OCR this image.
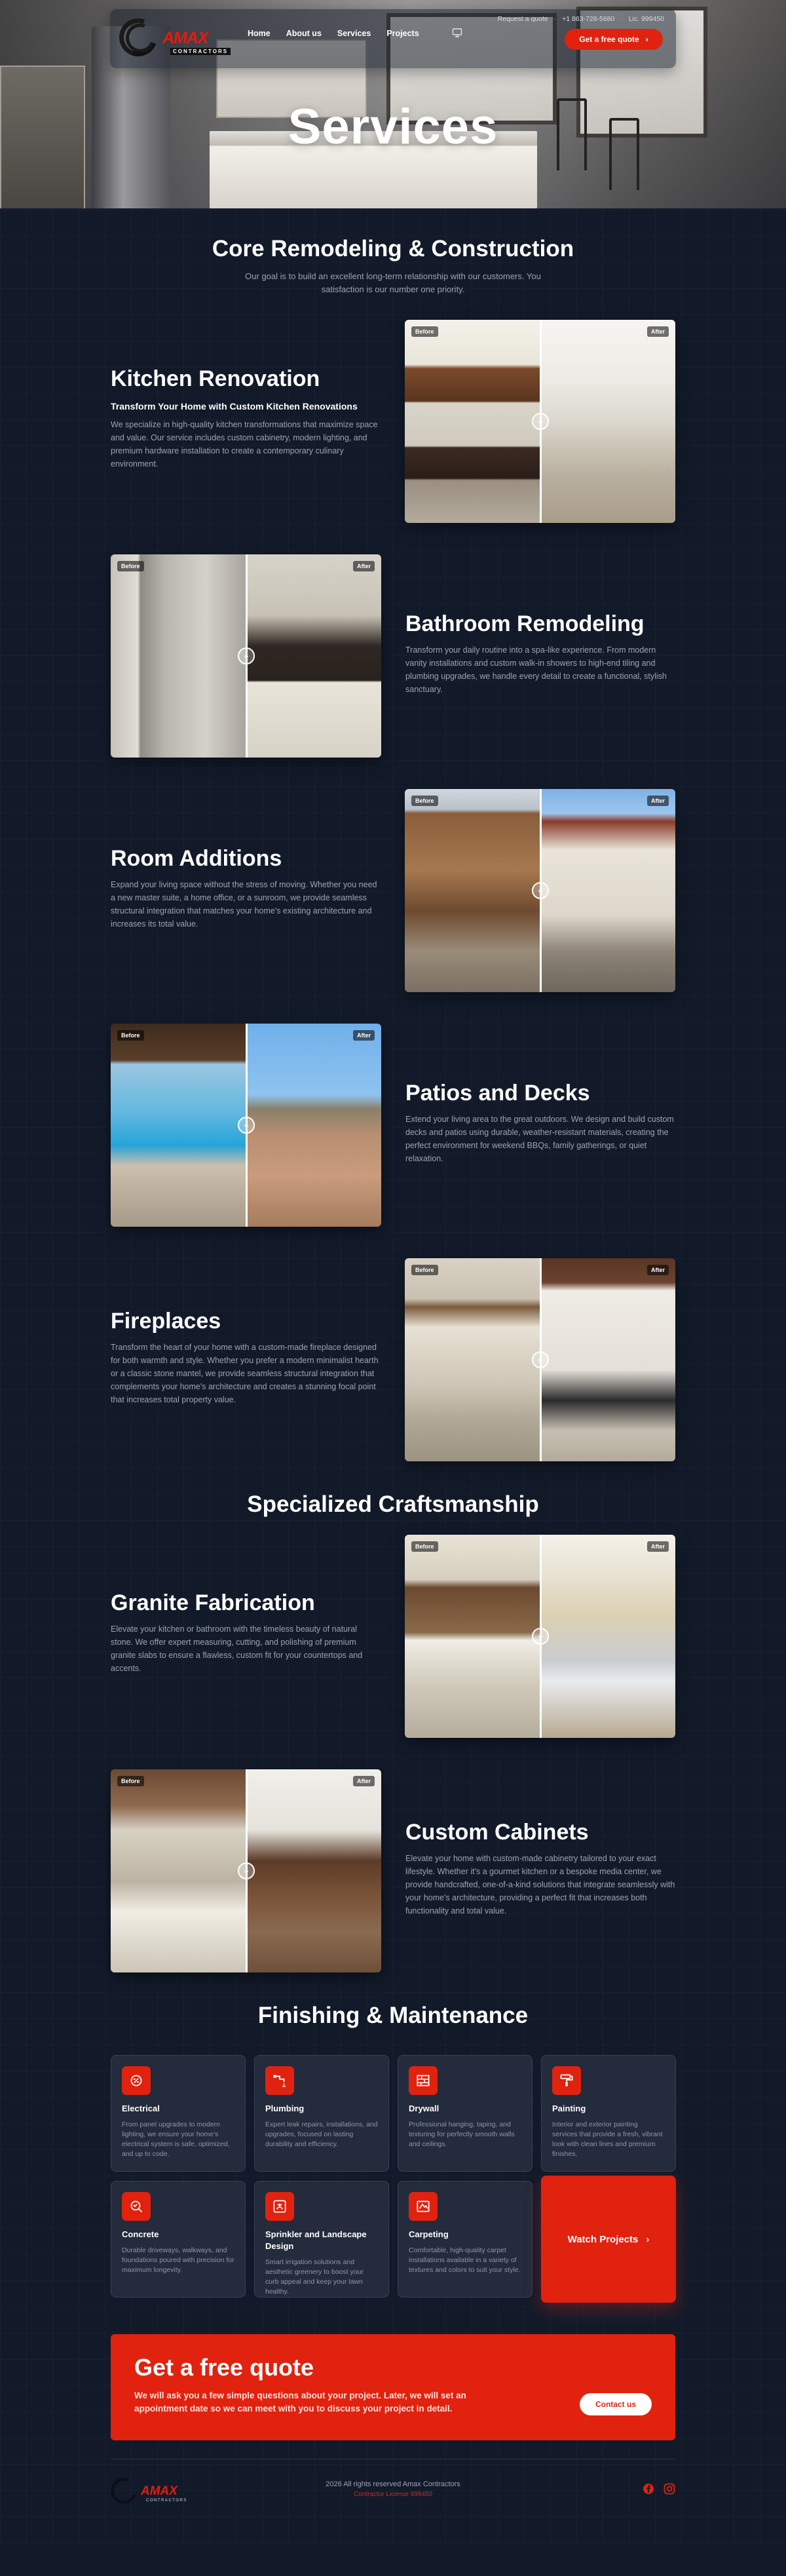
AMAX
CONTRACTORS
Home About us Services Projects
Request a quote · +1 863-728-5680 · Lic. 999450
Get a free quote ›
Services
Core Remodeling & Construction

Our goal is to build an excellent long-term relationship with our customers. You satisfaction is our number one priority.

Kitchen Renovation
Transform Your Home with Custom Kitchen Renovations

We specialize in high-quality kitchen transformations that maximize space and value. Our service includes custom cabinetry, modern lighting, and premium hardware installation to create a contemporary culinary environment.

‹ ›
Before	After
‹ ›
Before	After
Bathroom Remodeling

Transform your daily routine into a spa-like experience. From modern vanity installations and custom walk-in showers to high-end tiling and plumbing upgrades, we handle every detail to create a functional, stylish sanctuary.

Room Additions

Expand your living space without the stress of moving. Whether you need a new master suite, a home office, or a sunroom, we provide seamless structural integration that matches your home's existing architecture and increases its total value.

‹ ›
Before	After
‹ ›
Before	After
Patios and Decks

Extend your living area to the great outdoors. We design and build custom decks and patios using durable, weather-resistant materials, creating the perfect environment for weekend BBQs, family gatherings, or quiet relaxation.

Fireplaces

Transform the heart of your home with a custom-made fireplace designed for both warmth and style. Whether you prefer a modern minimalist hearth or a classic stone mantel, we provide seamless structural integration that complements your home's architecture and creates a stunning focal point that increases total property value.

‹ ›
Before	After
Specialized Craftsmanship
Granite Fabrication

Elevate your kitchen or bathroom with the timeless beauty of natural stone. We offer expert measuring, cutting, and polishing of premium granite slabs to ensure a flawless, custom fit for your countertops and accents.

‹ ›
Before	After
‹ ›
Before	After
Custom Cabinets

Elevate your home with custom-made cabinetry tailored to your exact lifestyle. Whether it's a gourmet kitchen or a bespoke media center, we provide handcrafted, one-of-a-kind solutions that integrate seamlessly with your home's architecture, providing a perfect fit that increases both functionality and total value.

Finishing & Maintenance
Electrical
From panel upgrades to modern lighting, we ensure your home's electrical system is safe, optimized, and up to code.
Plumbing
Expert leak repairs, installations, and upgrades, focused on lasting durability and efficiency.
Drywall
Professional hanging, taping, and texturing for perfectly smooth walls and ceilings.
Painting
Interior and exterior painting services that provide a fresh, vibrant look with clean lines and premium finishes.
Concrete
Durable driveways, walkways, and foundations poured with precision for maximum longevity.
Sprinkler and Landscape Design
Smart irrigation solutions and aesthetic greenery to boost your curb appeal and keep your lawn healthy.
Carpeting
Comfortable, high-quality carpet installations available in a variety of textures and colors to suit your style.
Watch Projects ›
Get a free quote

We will ask you a few simple questions about your project. Later, we will set an appointment date so we can meet with you to discuss your project in detail.	Contact us
AMAX
CONTRACTORS
2026 All rights reserved Amax Contractors
Contractor License 999450
